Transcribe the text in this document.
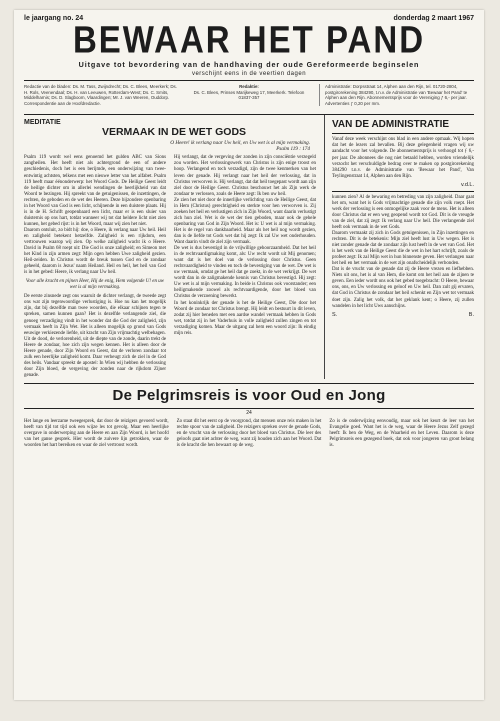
le jaargang no. 24	donderdag 2 maart 1967
BEWAAR HET PAND
Uitgave tot bevordering van de handhaving der oude Gereformeerde beginselen
verschijnt eens in de veertien dagen
Redactie van de bladen: Ds. M. Tass, Zwijndrecht; Ds. C. Blees, Meerkerk; Ds. H. Rols, Veenendaal; Ds. H. van Leeuwen, Rotterdam-West; Ds. C. Smits, Middelharnis; Ds. D. Slagboom, Vlaardingen; Mr. J. van Weeren, Ouddorp. Correspondentie aan de Hoofdredactie.
Redaktie:
Ds. C. Blees, Prinses Marijkeweg 17, Meerkerk. Telefoon 01837-357
Administratie: Dorpsstraat 14, Alphen aan den Rijn, tel. 01720-2804, postgirorekening 384290, t.n.v. de Administratie van 'Bewaar het Pand' te Alphen aan den Rijn. Abonnementsprijs voor de Vereniging ƒ 6,- per jaar. Advertenties ƒ 0,20 per mm.
MEDITATIE
VERMAAK IN DE WET GODS
O Heere! ik verlang naar Uw heil, en Uw wet is al mijn vermaking.
Psalm 119 : 174

Psalm 119 wordt wel eens genoemd het gulden ABC van Sions zangheilen. Het heeft niet als achtergrond de een of andere geschiedenis, doch het is een berijmde, een onderwijzing van twee-entwintig achtsten, telkens met een nieuwe letter van het alfabet. Psalm 119 heeft maar éénonderwerp: het Woord Gods. De Heilige Geest leidt de heilige dichter om in allerlei wendingen de heerlijkheid van dat Woord te bezingen. Hij spreekt van de getuigenissen, de inzettingen, de rechten, de geboden en de wet des Heeren. Deze bijzondere openbaring in het Woord van God is een licht, schijnende in een duistere plaats. Hij is in de H. Schrift geopenbaard een licht, maar er is een sluier van duisternis op ons hart, totdat wanneer wij tot dat heldere licht niet zien kunnen, het gebed rijst: is in het Woord, maar wij zien het niet.

Daarom ontsluit, zo bidt hij: doe, o Heere, ik verlang naar Uw heil. Heil en zaligheid betekent hetzelfde. Zaligheid is een rijkdom, een vertrouwen waarop wij zien. Op welke zaligheid wacht ik o Heere. David in Psalm 68 roept uit: Die God is onze zaligheid; en Simeon met het Kind in zijn armen zegt: Mijn ogen hebben Uwe zaligheid gezien. Heil-zeiden. In Christus wordt de breuk tussen God en de zondaar geheeld, daarom is Jezus' naam Heiland. Heil en heil, het heil van God is in het gebed: Heere, ik verlang naar Uw heil.

Voor alle kracht en pijnen Heer, Hij de enig, Hem volgende U! en uw wet is al mijn vermaking.

De eerste zinsnede zegt ons waaruit de dichter verlangt, de tweede zegt ons wat zijn tegenwoordige verlustiging is. Hoe nu kan het mogelijk zijn, dat bij dezelfde man twee woorden, die elkaar schijnen tegen te spreken, samen kunnen gaan? Het is dezelfde verlangende ziel, die genoeg verzadiging vindt in het wonder dat die God der zaligheid, zijn vermaak heeft in Zijn Wet. Het is alleen mogelijk op grond van Gods eeuwige verkiezende liefde, uit kracht van Zijn vrijmachtig welbehagen.

Uit de dood, de verlorenheid, uit de diepte van de zonde, daarin trekt de Heere de zondaar, hoe zich zijn wegen kennen. Het is alleen door de Heere genade, door Zijn Woord en Geest, dat de verloren zondaar tot zulk een heerlijke zaligheid komt. Daar verheugt zich de ziel in de God des heils. Vandaar spreekt de apostel: In Wien wij hebben de verlossing door Zijn bloed, de vergeving der zonden naar de rijkdom Zijner genade.

Hij verlangt, dat de vergeving der zonden in zijn consciëntie verzegeld zou worden. Het verlossingswerk van Christus is zijn enige troost en hoop. Verlangend en toch verzadigd, zijn de twee kenmerken van het leven der genade. Hij verlangt naar het heil der verlossing, dat in Christus verworven is. Hij verlangt, dat dat heil toegepast wordt aan zijn ziel door de Heilige Geest. Christus beschouwt het als Zijn werk de zondaar te verlossen, zoals de Heere zegt: Ik ben uw heil.

Ze zien het niet door de innerlijke verlichting van de Heilige Geest, dat in Hem (Christus) gerechtigheid en sterkte voor hen verworven is. Zij zoeken het heil en verlustigen zich in Zijn Woord, want daarin verlustigt zich hun ziel. Wet is de wet der tien geboden, maar ook de gehele openbaring van God in Zijn Woord. Het is: U wet is al mijn vermaking. Het is de regel van dankbaarheid. Maar als het heil nog wordt gezien, dan is de liefde tot Gods wet dat hij zegt: Ik zal Uw wet onderhouden. Want daarin vindt de ziel zijn vermaak.

De wet is dus bevestigd in de vrijwillige gehoorzaamheid. Dat het heil in de rechtvaardigmaking komt, als: Uw recht wordt uit Mij genomen; want dat is het doel van de verlossing door Christus. Geen rechtvaardigheid te vinden en toch de bevestiging van de wet. De wet is uw vermaak, omdat ge het heil dat ge zoekt, in de wet verkrijgt. De wet wordt dan in de zaligmakende kennis van Christus bevestigd. Hij zegt: Uw wet is al mijn vermaking. In beide is Christus ook voorstander; een heiligmakende zoowel als rechtvaardigende, door het bloed van Christus de verzoening bewerkt.

In het koninkrijk der genade is het de Heilige Geest, Die door het Woord de zondaar tot Christus brengt. Hij leidt en bestuurt in dit leven, zodat zij hier beneden met een aardse wandel vermaak hebben in Gods wet, totdat zij in het Vaderhuis in volle zaligheid zullen zingen en tot verzadiging komen. Maar de uitgang zal hem een woord zijn: Ik eindig mijn reis.

VAN DE ADMINISTRATIE

Vanaf deze week verschijnt ons blad in een andere opmaak. Wij hopen dat het de lezers zal bevallen. Bij deze gelegenheid vragen wij uw aandacht voor het volgende. De abonnementsprijs is verhoogd tot ƒ 6,- per jaar. De abonnees die nog niet betaald hebben, worden vriendelijk verzocht het verschuldigde bedrag over te maken op postgirorekening 384290 t.n.v. de Administratie van 'Bewaar het Pand', Van Teylingenstraat 14, Alphen aan den Rijn.

v.d.L.

kunnen zien? Al de bewaring en betreding van zijn zaligheid. Daar gaat het om, want het is Gods vrijmachtige genade die zijn volk roept. Het werk der verlossing is een onmogelijke zaak voor de mens. Het is alleen door Christus dat er een weg geopend wordt tot God. Dit is de vreugde van de ziel, dat zij zegt: Ik verlang naar Uw heil. Die verlangende ziel heeft ook vermaak in de wet Gods.

Daarom vermaakt zij zich in Gods getuigenissen, in Zijn inzettingen en rechten. Dit is de betekenis: Mijn ziel heeft lust in Uw wegen. Het is niet zonder genade dat de zondaar zijn lust heeft in de wet van God. Het is het werk van de Heilige Geest die de wet in het hart schrijft, zoals de profeet zegt: Ik zal Mijn wet in hun binnenste geven. Het verlangen naar het heil en het vermaak in de wet zijn onafscheidelijk verbonden.

Dat is de vrucht van de genade dat zij de Heere vrezen en liefhebben. Niets uit ons, het is al van Hem, die komt om het heil aan de zijnen te geven. Een ieder wordt ons ook het gebed toegebracht: O Heere, bewaar ons, ons, en Uw verlossing en geloof en Uw heil. Dan zult gij ervaren, dat God in Christus de zondaar het heil schenkt en Zijn wet tot vermaak doet zijn. Zalig het volk, dat het geklank kent; o Heere, zij zullen wandelen in het licht Uws aanschijns.

S.	B.
De Pelgrimsreis is voor Oud en Jong
24

Het lange en leerzame tweegesprek, dat door de reizigers gevoerd wordt, heeft van tijd tot tijd ook een wijze les tot gevolg. Maar een heerlijke overgave in onderwerping aan de Heere en aan Zijn Woord, is het hoofd van het ganse gesprek. Hier wordt de zuivere lijn getrokken, waar de woorden het hart bereiken en waar de ziel vertroost wordt.

Zo staat dit het eerst op de voorgrond, dat mensen onze reis maken in het rechte spoor van de zaligheid. De reizigers spreken over de genade Gods, en de vrucht van de verlossing door het bloed van Christus. Die leer des geloofs gaat niet achter de weg, want zij houden zich aan het Woord. Dat is de kracht die hen bewaart op de weg.

Zo is de onderwijzing eenvoudig, maar ook het keurt de leer van het Evangelie goed. Want het is de weg, waar de Heere Jezus Zelf gezegd heeft: Ik ben de Weg, en de Waarheid en het Leven. Daarom is deze Pelgrimsreis een gezegend boek, dat ook voor jongeren van groot belang is.
